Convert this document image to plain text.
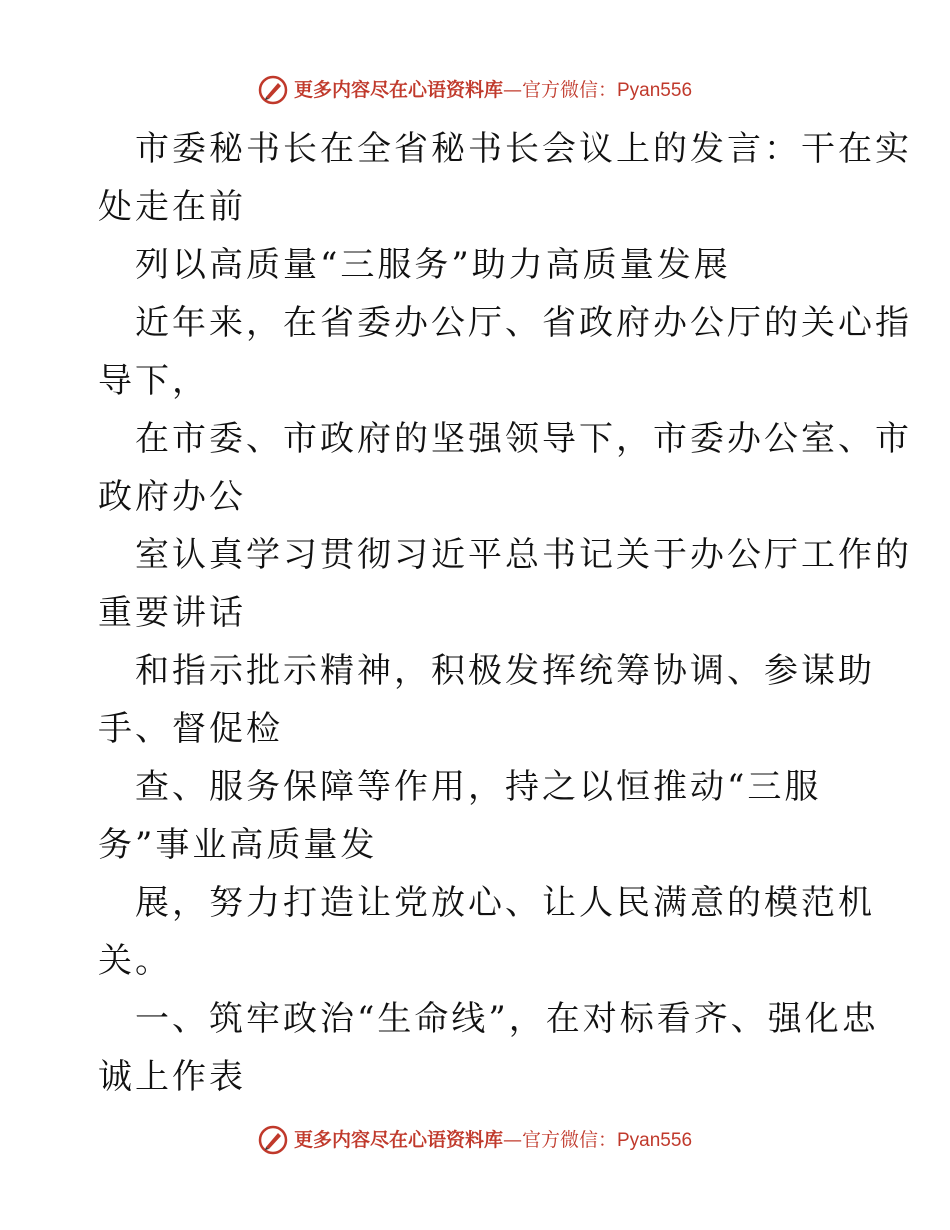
更多内容尽在心语资料库—官方微信：Pyan556
市委秘书长在全省秘书长会议上的发言：干在实
处走在前
列以高质量“三服务”助力高质量发展
近年来，在省委办公厅、省政府办公厅的关心指
导下，
在市委、市政府的坚强领导下，市委办公室、市
政府办公
室认真学习贯彻习近平总书记关于办公厅工作的
重要讲话
和指示批示精神，积极发挥统筹协调、参谋助
手、督促检
查、服务保障等作用，持之以恒推动“三服
务”事业高质量发
展，努力打造让党放心、让人民满意的模范机
关。
一、筑牢政治“生命线”，在对标看齐、强化忠
诚上作表
更多内容尽在心语资料库—官方微信：Pyan556
